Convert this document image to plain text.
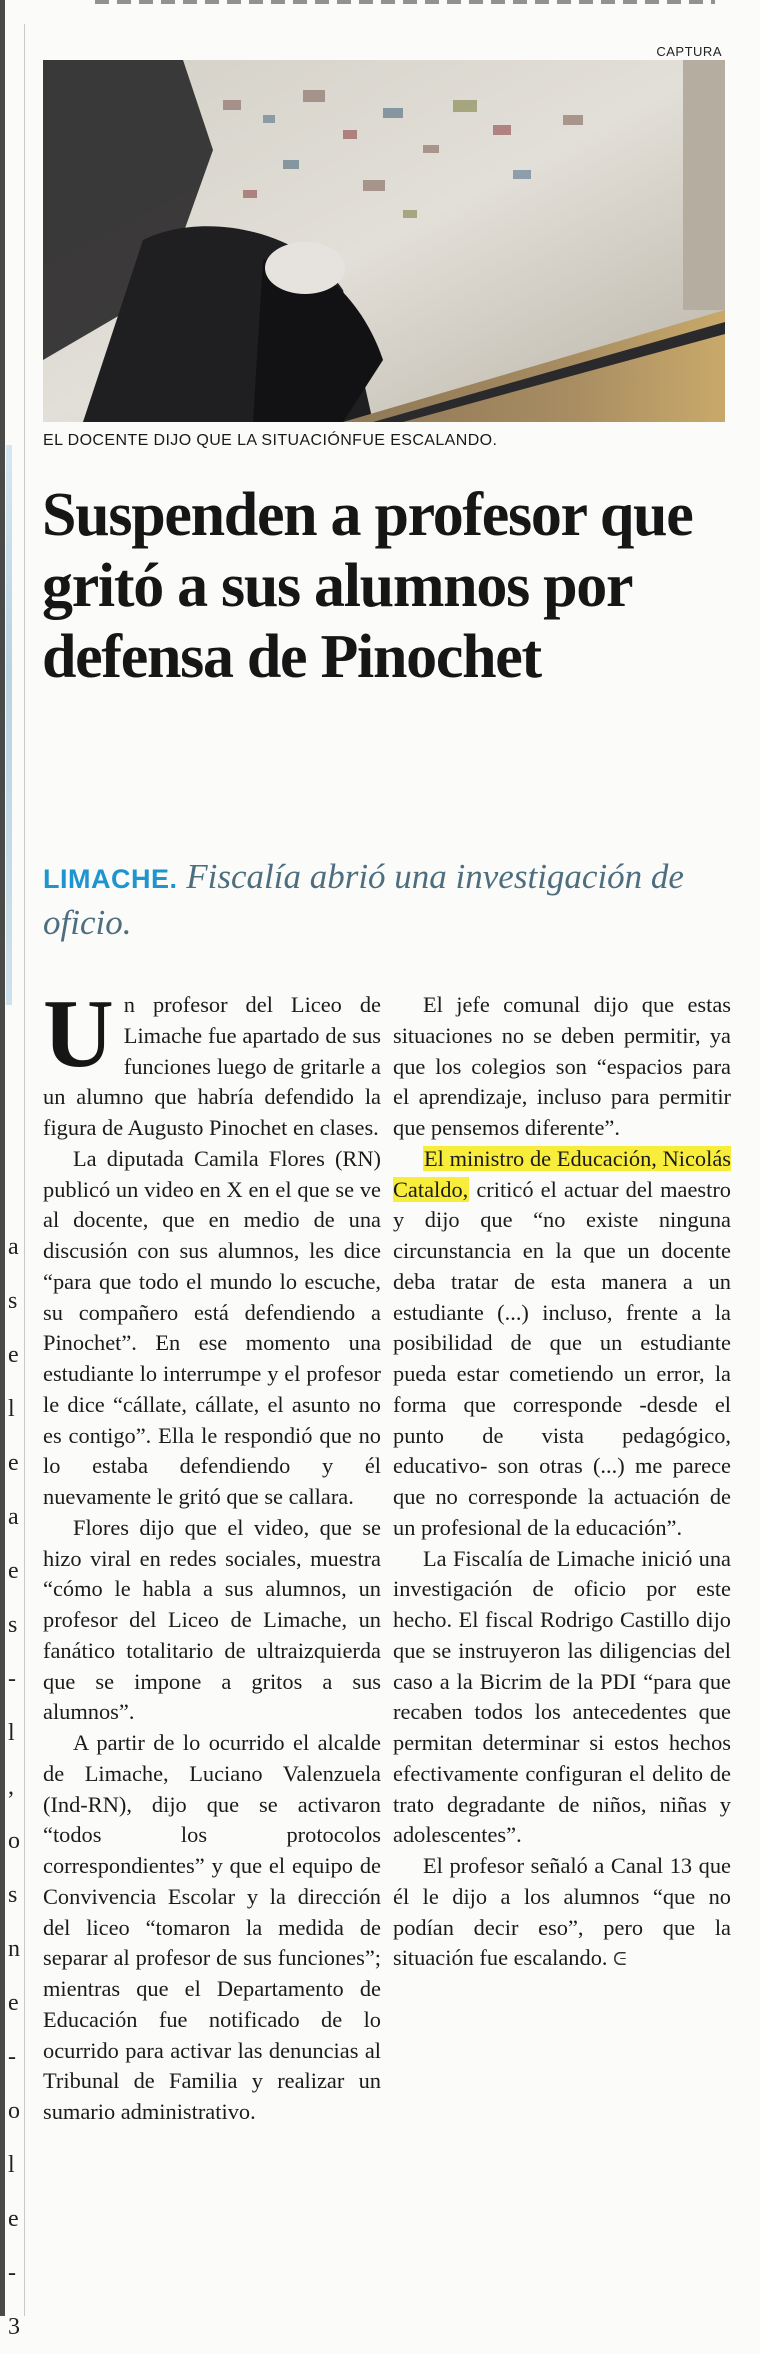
a
s
e
l
e
a
e
s
-
l
,
o
s
n
e
-
o
l
e
-
3
CAPTURA
EL DOCENTE DIJO QUE LA SITUACIÓNFUE ESCALANDO.
Suspenden a profesor que gritó a sus alumnos por defensa de Pinochet
LIMACHE. Fiscalía abrió una investigación de oficio.

Un profesor del Liceo de Limache fue apartado de sus funciones luego de gritarle a un alumno que habría defendido la figura de Augusto Pinochet en clases.

La diputada Camila Flores (RN) publicó un video en X en el que se ve al docente, que en medio de una discusión con sus alumnos, les dice “para que todo el mundo lo escuche, su compañero está defendiendo a Pinochet”. En ese momento una estudiante lo interrumpe y el profesor le dice “cállate, cállate, el asunto no es contigo”. Ella le respondió que no lo estaba defendiendo y él nuevamente le gritó que se callara.

Flores dijo que el video, que se hizo viral en redes sociales, muestra “cómo le habla a sus alumnos, un profesor del Liceo de Limache, un fanático totalitario de ultraizquierda que se impone a gritos a sus alumnos”.

A partir de lo ocurrido el alcalde de Limache, Luciano Valenzuela (Ind-RN), dijo que se activaron “todos los protocolos correspondientes” y que el equipo de Convivencia Escolar y la dirección del liceo “tomaron la medida de separar al profesor de sus funciones”; mientras que el Departamento de Educación fue notificado de lo ocurrido para activar las denuncias al Tribunal de Familia y realizar un sumario administrativo.

El jefe comunal dijo que estas situaciones no se deben permitir, ya que los colegios son “espacios para el aprendizaje, incluso para permitir que pensemos diferente”.

El ministro de Educación, Nicolás Cataldo, criticó el actuar del maestro y dijo que “no existe ninguna circunstancia en la que un docente deba tratar de esta manera a un estudiante (...) incluso, frente a la posibilidad de que un estudiante pueda estar cometiendo un error, la forma que corresponde -desde el punto de vista pedagógico, educativo- son otras (...) me parece que no corresponde la actuación de un profesional de la educación”.

La Fiscalía de Limache inició una investigación de oficio por este hecho. El fiscal Rodrigo Castillo dijo que se instruyeron las diligencias del caso a la Bicrim de la PDI “para que recaben todos los antecedentes que permitan determinar si estos hechos efectivamente configuran el delito de trato degradante de niños, niñas y adolescentes”.

El profesor señaló a Canal 13 que él le dijo a los alumnos “que no podían decir eso”, pero que la situación fue escalando. ᕮ
